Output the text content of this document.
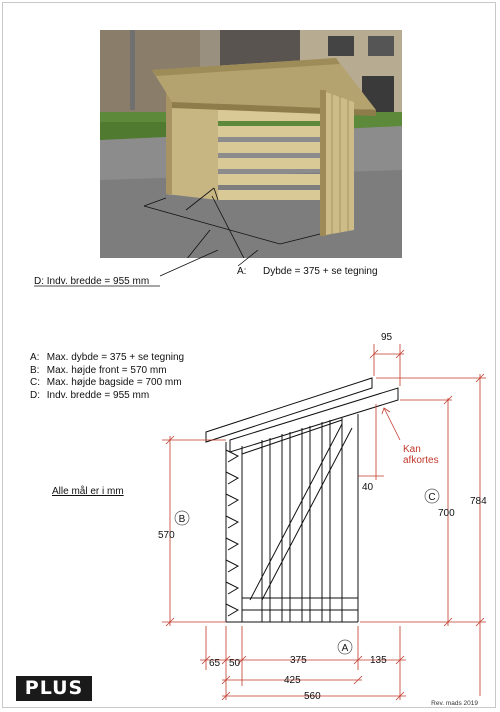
D: Indv. bredde = 955 mm
A: Dybde = 375 + se tegning
A: Max. dybde = 375 + se tegning
B: Max. højde front = 570 mm
C: Max. højde bagside = 700 mm
D: Indv. bredde = 955 mm
Alle mål er i mm
B
C
A
95
Kan
afkortes
40
570
700
784
65 50	375	135
425
560
PLUS
Rev. mads 2019
